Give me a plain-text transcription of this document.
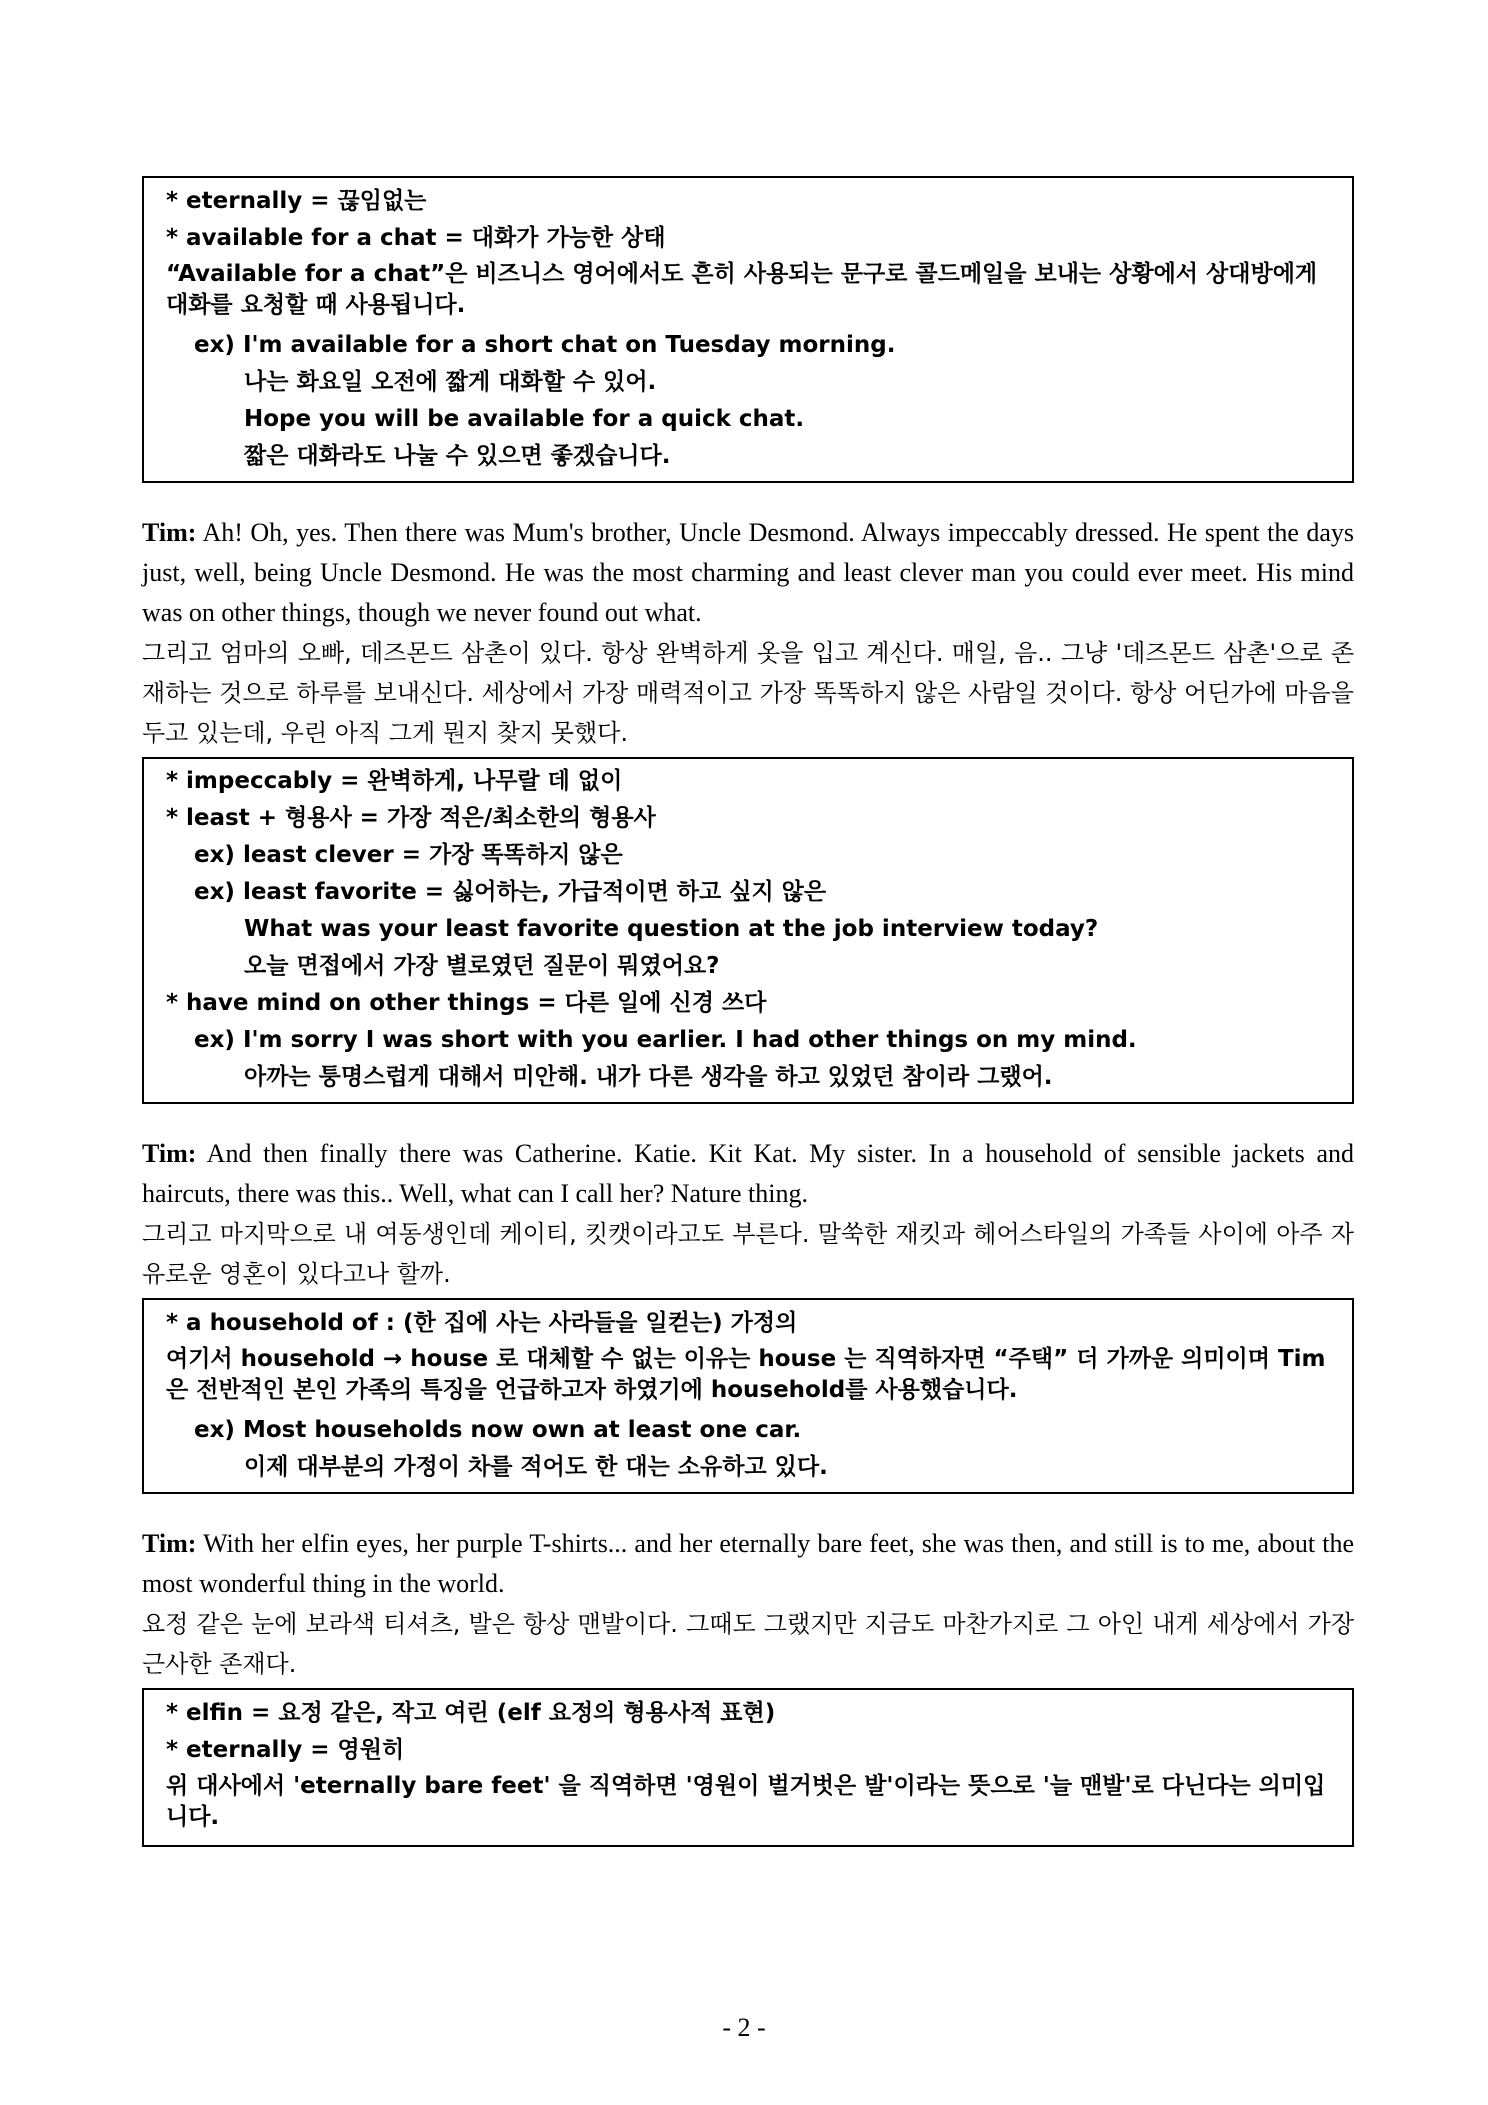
* eternally = 끊임없는
* available for a chat = 대화가 가능한 상태
“Available for a chat”은 비즈니스 영어에서도 흔히 사용되는 문구로 콜드메일을 보내는 상황에서 상대방에게 대화를 요청할 때 사용됩니다.
ex) I'm available for a short chat on Tuesday morning.
나는 화요일 오전에 짧게 대화할 수 있어.
Hope you will be available for a quick chat.
짧은 대화라도 나눌 수 있으면 좋겠습니다.
Tim: Ah! Oh, yes. Then there was Mum's brother, Uncle Desmond. Always impeccably dressed. He spent the days just, well, being Uncle Desmond. He was the most charming and least clever man you could ever meet. His mind was on other things, though we never found out what.
그리고 엄마의 오빠, 데즈몬드 삼촌이 있다. 항상 완벽하게 옷을 입고 계신다. 매일, 음.. 그냥 '데즈몬드 삼촌'으로 존재하는 것으로 하루를 보내신다. 세상에서 가장 매력적이고 가장 똑똑하지 않은 사람일 것이다. 항상 어딘가에 마음을 두고 있는데, 우린 아직 그게 뭔지 찾지 못했다.
* impeccably = 완벽하게, 나무랄 데 없이
* least + 형용사 = 가장 적은/최소한의 형용사
ex) least clever = 가장 똑똑하지 않은
ex) least favorite = 싫어하는, 가급적이면 하고 싶지 않은
What was your least favorite question at the job interview today?
오늘 면접에서 가장 별로였던 질문이 뭐였어요?
* have mind on other things = 다른 일에 신경 쓰다
ex) I'm sorry I was short with you earlier. I had other things on my mind.
아까는 퉁명스럽게 대해서 미안해. 내가 다른 생각을 하고 있었던 참이라 그랬어.
Tim: And then finally there was Catherine. Katie. Kit Kat. My sister. In a household of sensible jackets and haircuts, there was this.. Well, what can I call her? Nature thing.
그리고 마지막으로 내 여동생인데 케이티, 킷캣이라고도 부른다. 말쑥한 재킷과 헤어스타일의 가족들 사이에 아주 자유로운 영혼이 있다고나 할까.
* a household of : (한 집에 사는 사라들을 일컫는) 가정의
여기서 household → house 로 대체할 수 없는 이유는 house 는 직역하자면 “주택” 더 가까운 의미이며 Tim 은 전반적인 본인 가족의 특징을 언급하고자 하였기에 household를 사용했습니다.
ex) Most households now own at least one car.
이제 대부분의 가정이 차를 적어도 한 대는 소유하고 있다.
Tim: With her elfin eyes, her purple T-shirts... and her eternally bare feet, she was then, and still is to me, about the most wonderful thing in the world.
요정 같은 눈에 보라색 티셔츠, 발은 항상 맨발이다. 그때도 그랬지만 지금도 마찬가지로 그 아인 내게 세상에서 가장 근사한 존재다.
* elfin = 요정 같은, 작고 여린 (elf 요정의 형용사적 표현)
* eternally = 영원히
위 대사에서 'eternally bare feet' 을 직역하면 '영원이 벌거벗은 발'이라는 뜻으로 '늘 맨발'로 다닌다는 의미입니다.
- 2 -
